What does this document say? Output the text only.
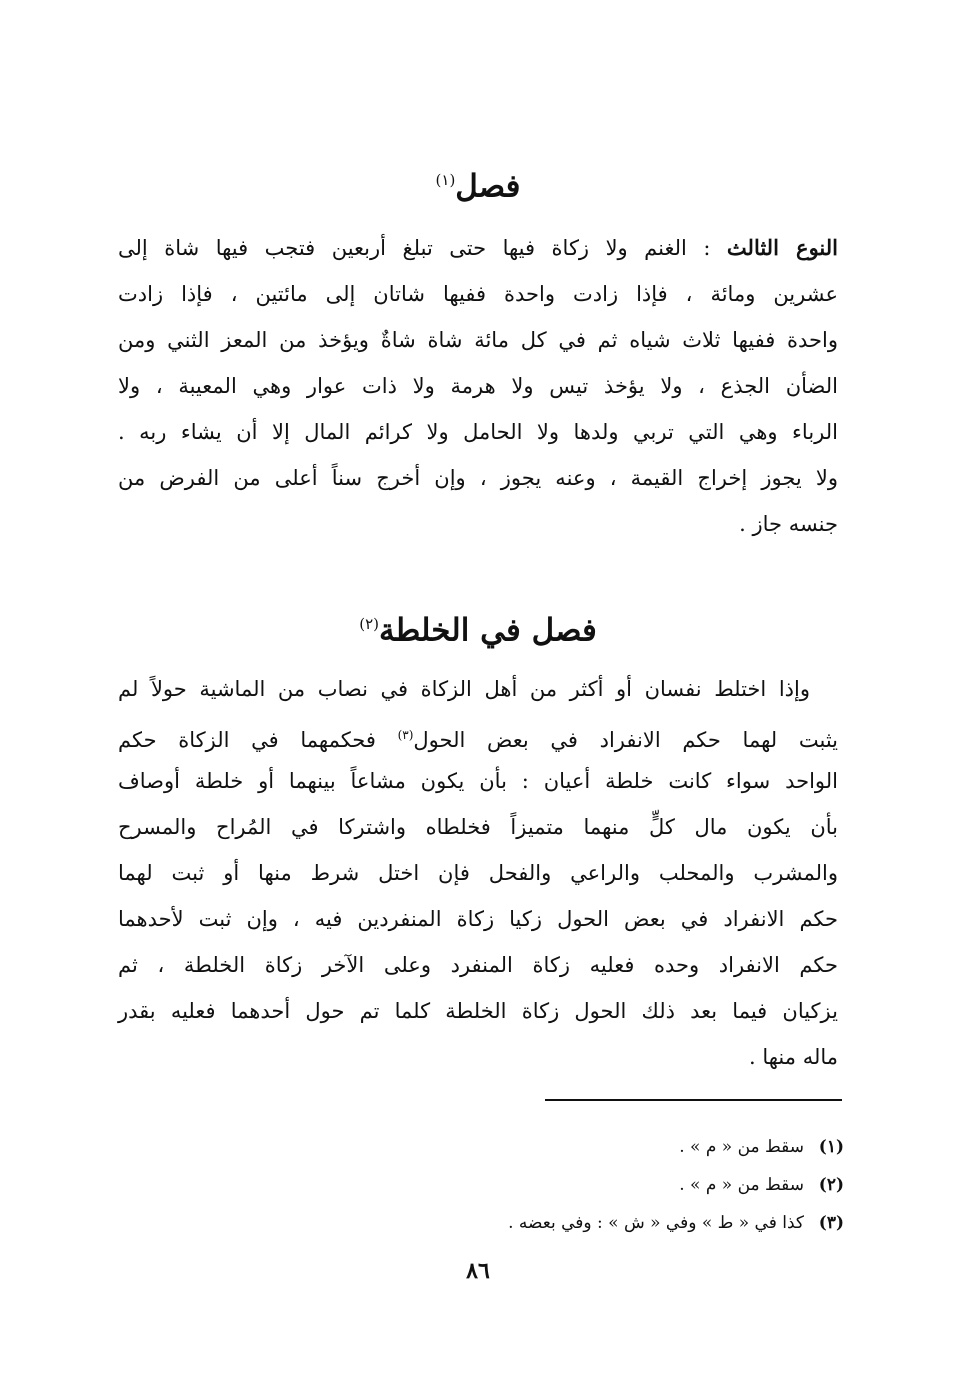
فصل$^{(١)}$
النوع الثالث : الغنم ولا زكاة فيها حتى تبلغ أربعين فتجب فيها شاة إلى
عشرين ومائة ، فإذا زادت واحدة ففيها شاتان إلى مائتين ، فإذا زادت
واحدة ففيها ثلاث شياه ثم في كل مائة شاة شاةٌ ويؤخذ من المعز الثني ومن
الضأن الجذع ، ولا يؤخذ تيس ولا هرمة ولا ذات عوار وهي المعيبة ، ولا
الرباء وهي التي تربي ولدها ولا الحامل ولا كرائم المال إلا أن يشاء ربه .
ولا يجوز إخراج القيمة ، وعنه يجوز ، وإن أخرج سناً أعلى من الفرض من
جنسه جاز .
فصل في الخلطة$^{(٢)}$
وإذا اختلط نفسان أو أكثر من أهل الزكاة في نصاب من الماشية حولاً لم
يثبت لهما حكم الانفراد في بعض الحول$^{(٣)}$ فحكمهما في الزكاة حكم
الواحد سواء كانت خلطة أعيان : بأن يكون مشاعاً بينهما أو خلطة أوصاف
بأن يكون مال كلٍّ منهما متميزاً فخلطاه واشتركا في المُراح والمسرح
والمشرب والمحلب والراعي والفحل فإن اختل شرط منها أو ثبت لهما
حكم الانفراد في بعض الحول زكيا زكاة المنفردين فيه ، وإن ثبت لأحدهما
حكم الانفراد وحده فعليه زكاة المنفرد وعلى الآخر زكاة الخلطة ، ثم
يزكيان فيما بعد ذلك الحول زكاة الخلطة كلما تم حول أحدهما فعليه بقدر
ماله منها .
(١)سقط من « م » .
(٢)سقط من « م » .
(٣)كذا في « ط » وفي « ش » : وفي بعضه .
٨٦
